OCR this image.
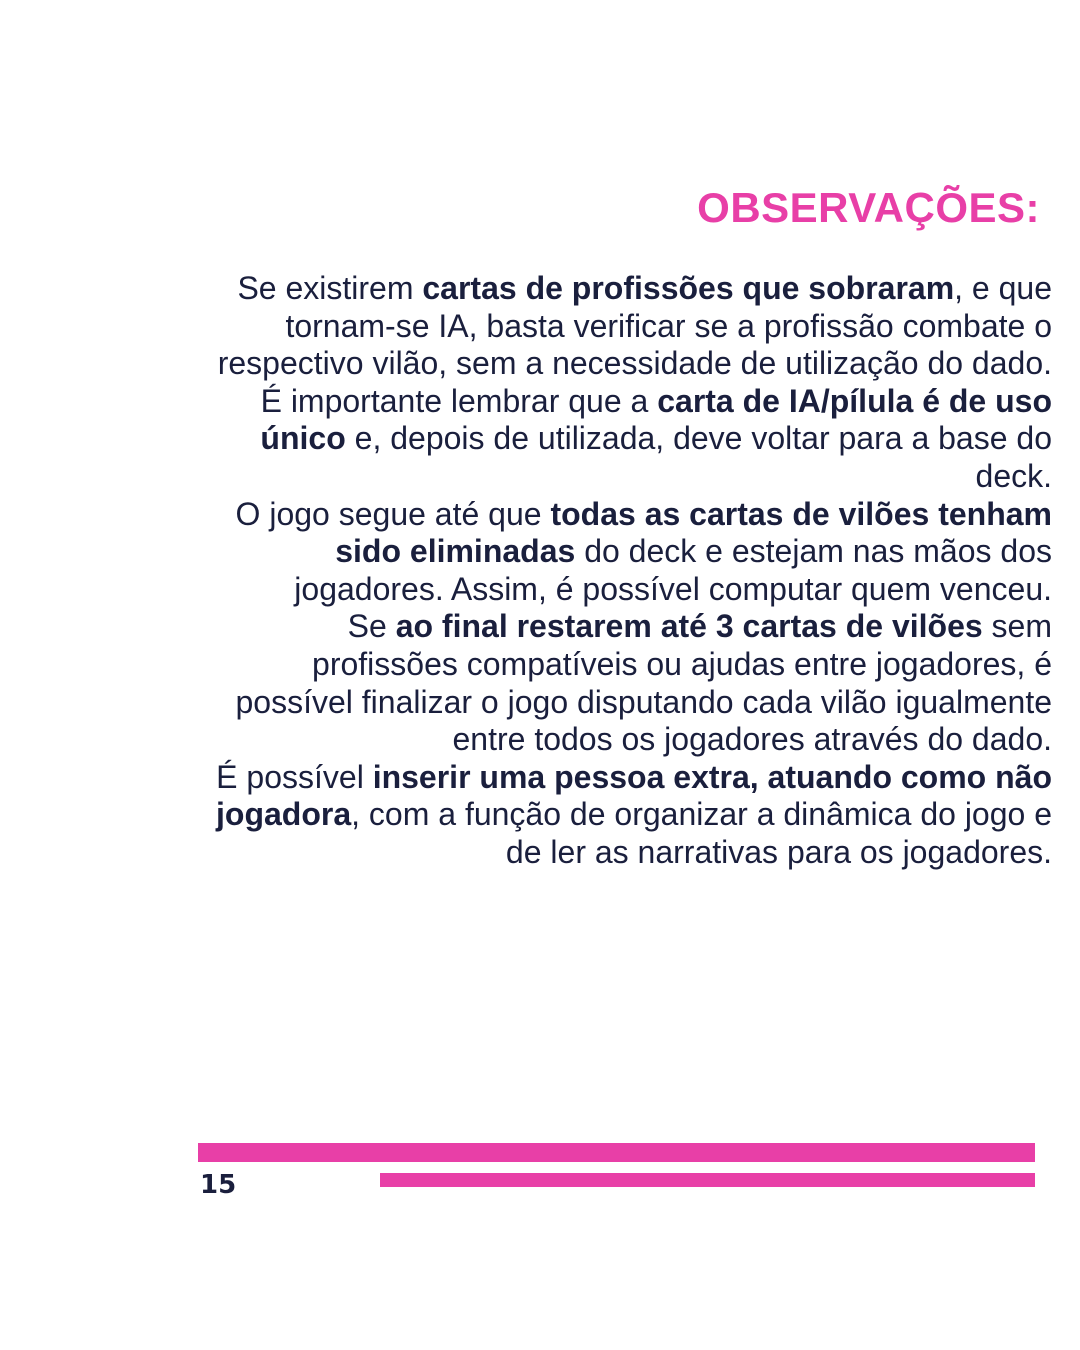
OBSERVAÇÕES:

Se existirem cartas de profissões que sobraram, e que tornam-se IA, basta verificar se a profissão combate o respectivo vilão, sem a necessidade de utilização do dado.

É importante lembrar que a carta de IA/pílula é de uso único e, depois de utilizada, deve voltar para a base do deck.

O jogo segue até que todas as cartas de vilões tenham sido eliminadas do deck e estejam nas mãos dos jogadores. Assim, é possível computar quem venceu.

Se ao final restarem até 3 cartas de vilões sem profissões compatíveis ou ajudas entre jogadores, é possível finalizar o jogo disputando cada vilão igualmente entre todos os jogadores através do dado.

É possível inserir uma pessoa extra, atuando como não jogadora, com a função de organizar a dinâmica do jogo e de ler as narrativas para os jogadores.

15
